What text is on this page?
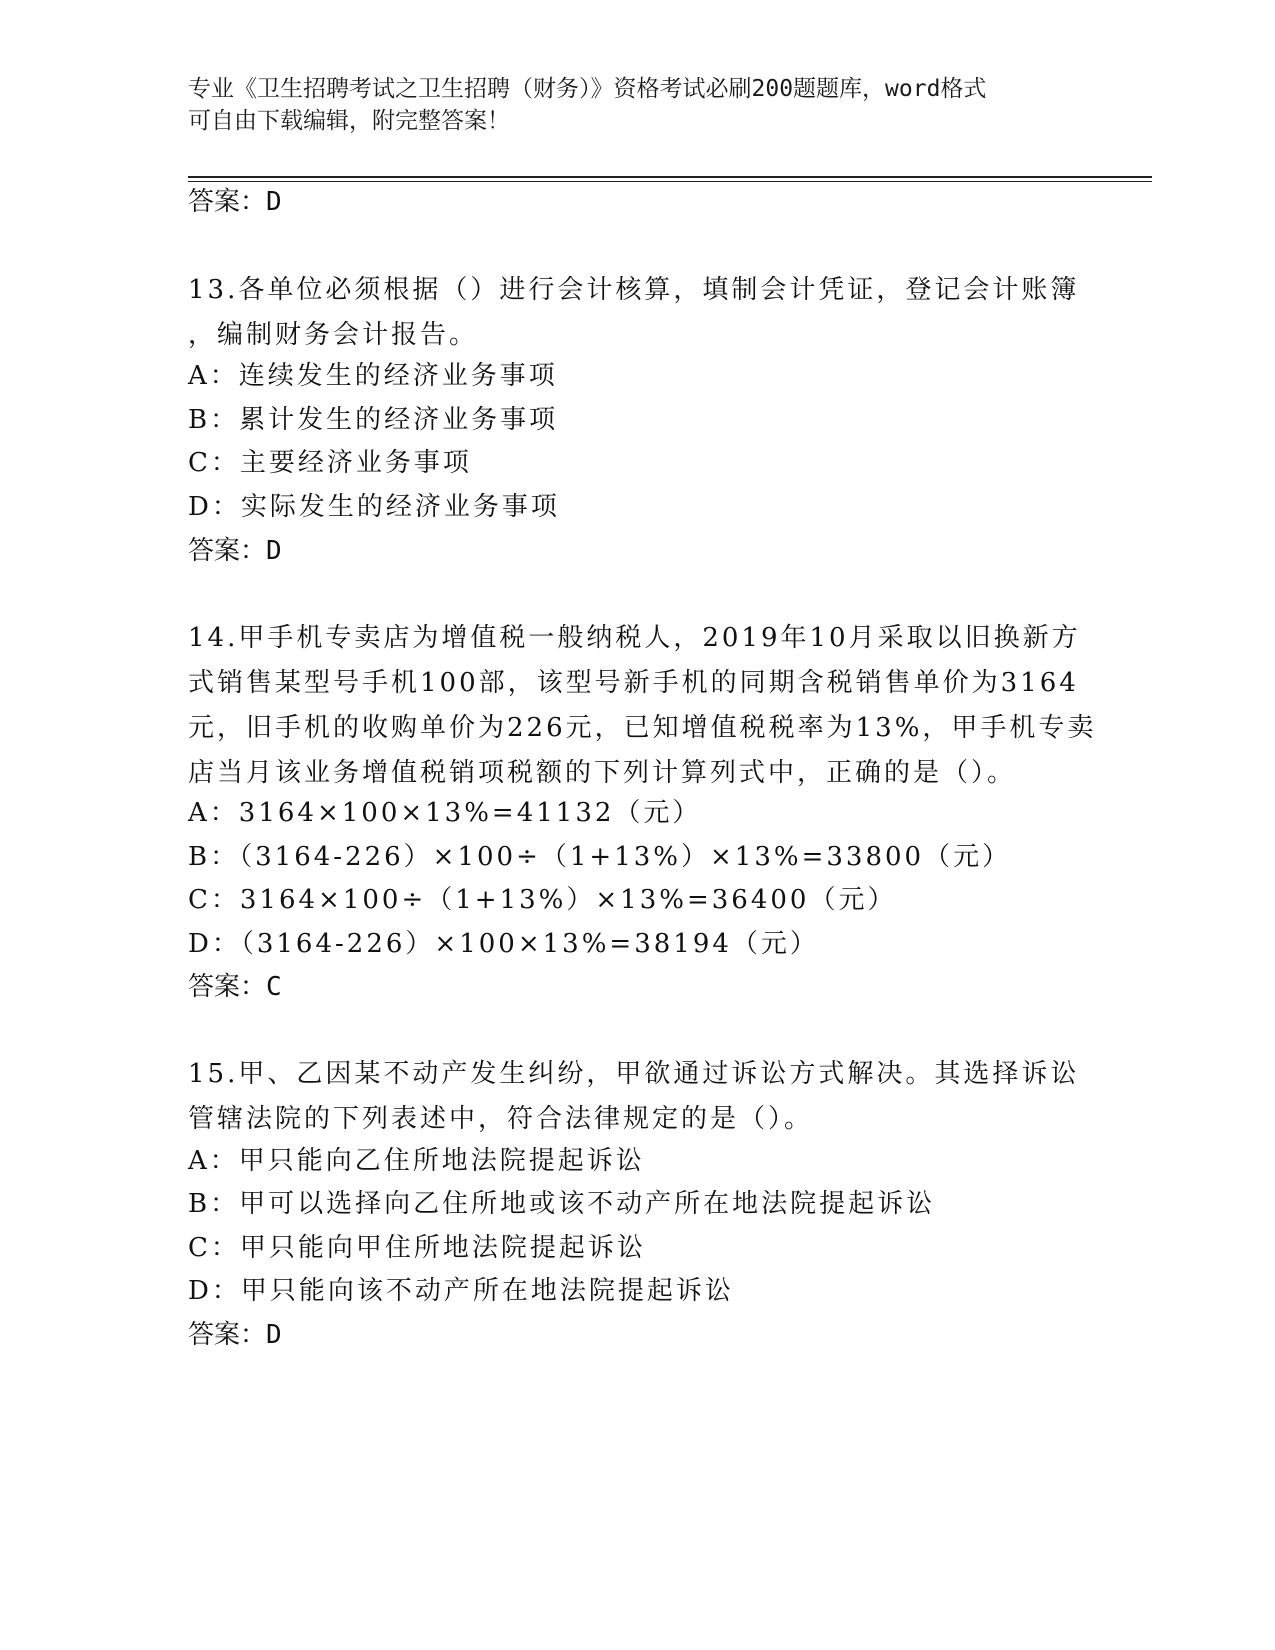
专业《卫生招聘考试之卫生招聘（财务）》资格考试必刷200题题库，word格式
可自由下载编辑，附完整答案！
答案：D
13.各单位必须根据（）进行会计核算，填制会计凭证，登记会计账簿
，编制财务会计报告。
A：连续发生的经济业务事项
B：累计发生的经济业务事项
C：主要经济业务事项
D：实际发生的经济业务事项
答案：D
14.甲手机专卖店为增值税一般纳税人，2019年10月采取以旧换新方
式销售某型号手机100部，该型号新手机的同期含税销售单价为3164
元，旧手机的收购单价为226元，已知增值税税率为13%，甲手机专卖
店当月该业务增值税销项税额的下列计算列式中，正确的是（）。
A：3164×100×13%=41132（元）
B：（3164-226）×100÷（1+13%）×13%=33800（元）
C：3164×100÷（1+13%）×13%=36400（元）
D：（3164-226）×100×13%=38194（元）
答案：C
15.甲、乙因某不动产发生纠纷，甲欲通过诉讼方式解决。其选择诉讼
管辖法院的下列表述中，符合法律规定的是（）。
A：甲只能向乙住所地法院提起诉讼
B：甲可以选择向乙住所地或该不动产所在地法院提起诉讼
C：甲只能向甲住所地法院提起诉讼
D：甲只能向该不动产所在地法院提起诉讼
答案：D
